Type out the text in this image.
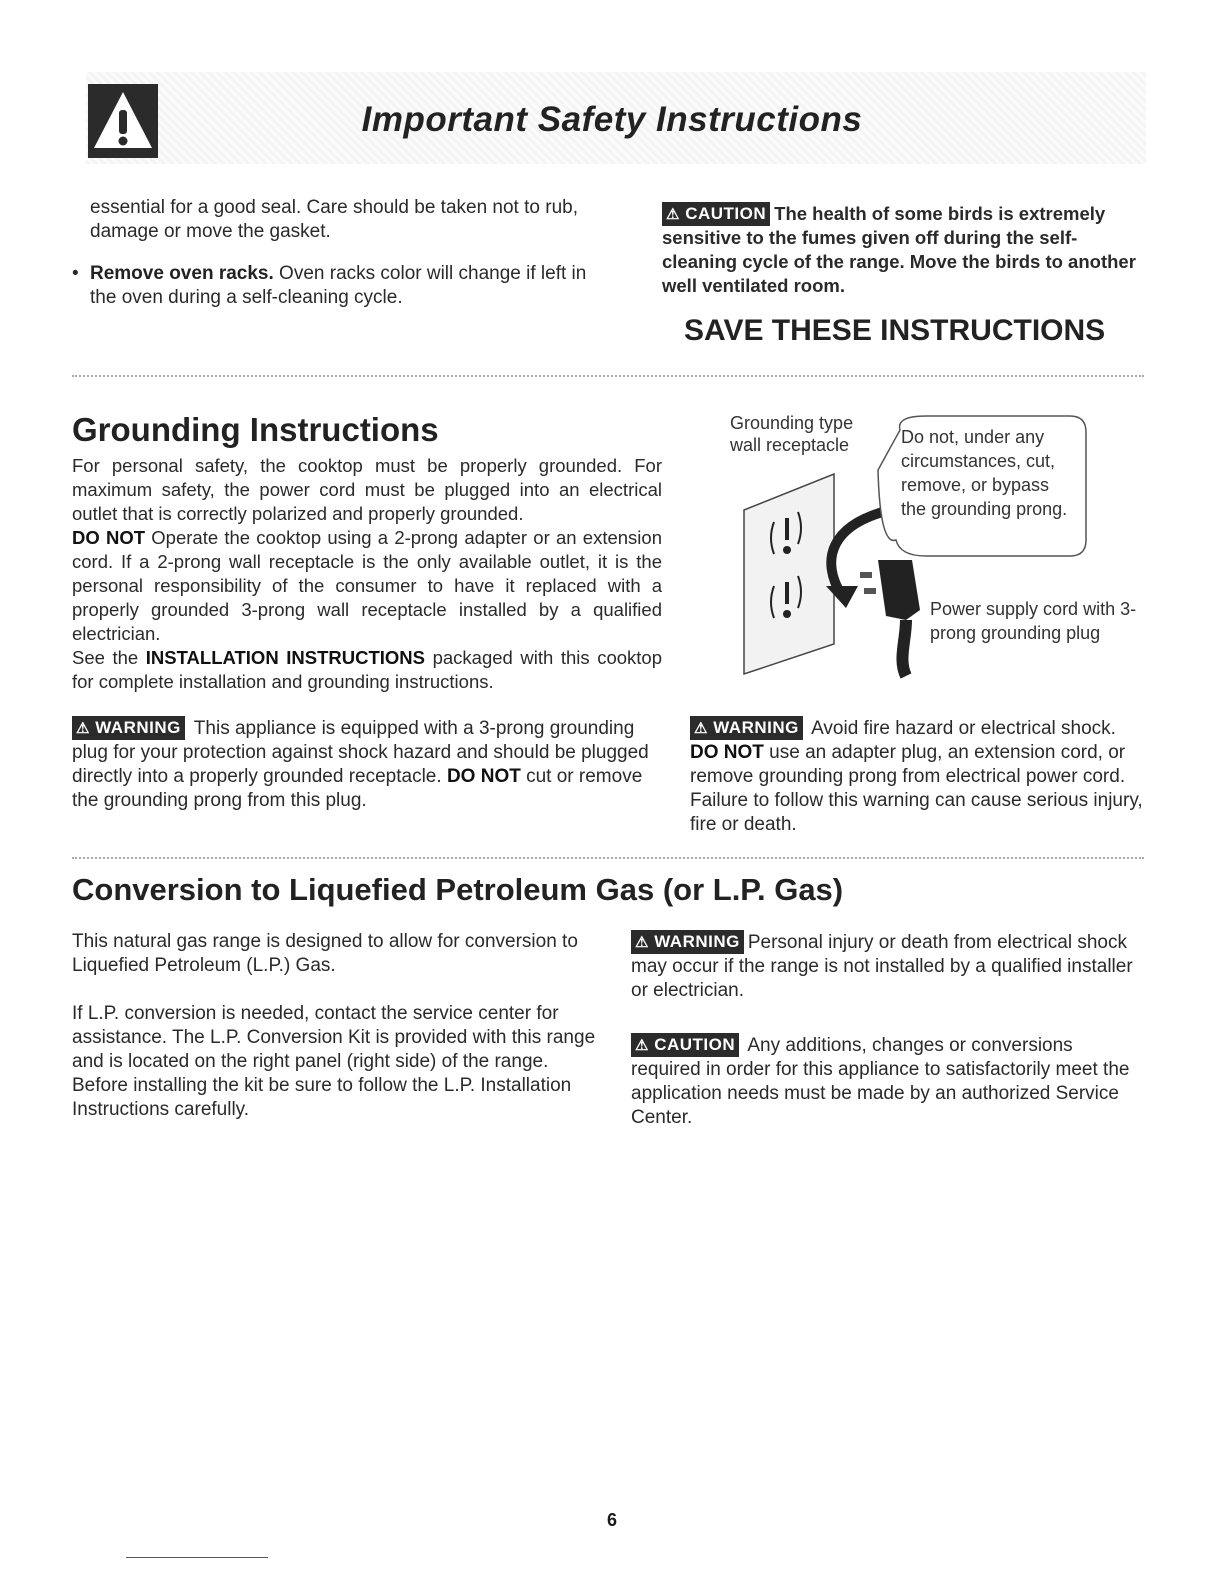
Important Safety Instructions
essential for a good seal. Care should be taken not to rub, damage or move the gasket.
• Remove oven racks. Oven racks color will change if left in the oven during a self-cleaning cycle.
⚠ CAUTION The health of some birds is extremely sensitive to the fumes given off during the self-cleaning cycle of the range. Move the birds to another well ventilated room.
SAVE THESE INSTRUCTIONS
Grounding Instructions
For personal safety, the cooktop must be properly grounded. For maximum safety, the power cord must be plugged into an electrical outlet that is correctly polarized and properly grounded.
DO NOT Operate the cooktop using a 2-prong adapter or an extension cord. If a 2-prong wall receptacle is the only available outlet, it is the personal responsibility of the consumer to have it replaced with a properly grounded 3-prong wall receptacle installed by a qualified electrician.
See the INSTALLATION INSTRUCTIONS packaged with this cooktop for complete installation and grounding instructions.
Grounding type wall receptacle	Do not, under any circumstances, cut, remove, or bypass the grounding prong.
Power supply cord with 3-prong grounding plug
⚠ WARNING This appliance is equipped with a 3-prong grounding plug for your protection against shock hazard and should be plugged directly into a properly grounded receptacle. DO NOT cut or remove the grounding prong from this plug.
⚠ WARNING Avoid fire hazard or electrical shock. DO NOT use an adapter plug, an extension cord, or remove grounding prong from electrical power cord. Failure to follow this warning can cause serious injury, fire or death.
Conversion to Liquefied Petroleum Gas (or L.P. Gas)
This natural gas range is designed to allow for conversion to Liquefied Petroleum (L.P.) Gas.
If L.P. conversion is needed, contact the service center for assistance. The L.P. Conversion Kit is provided with this range and is located on the right panel (right side) of the range. Before installing the kit be sure to follow the L.P. Installation Instructions carefully.
⚠ WARNING Personal injury or death from electrical shock may occur if the range is not installed by a qualified installer or electrician.
⚠ CAUTION Any additions, changes or conversions required in order for this appliance to satisfactorily meet the application needs must be made by an authorized Service Center.
6
